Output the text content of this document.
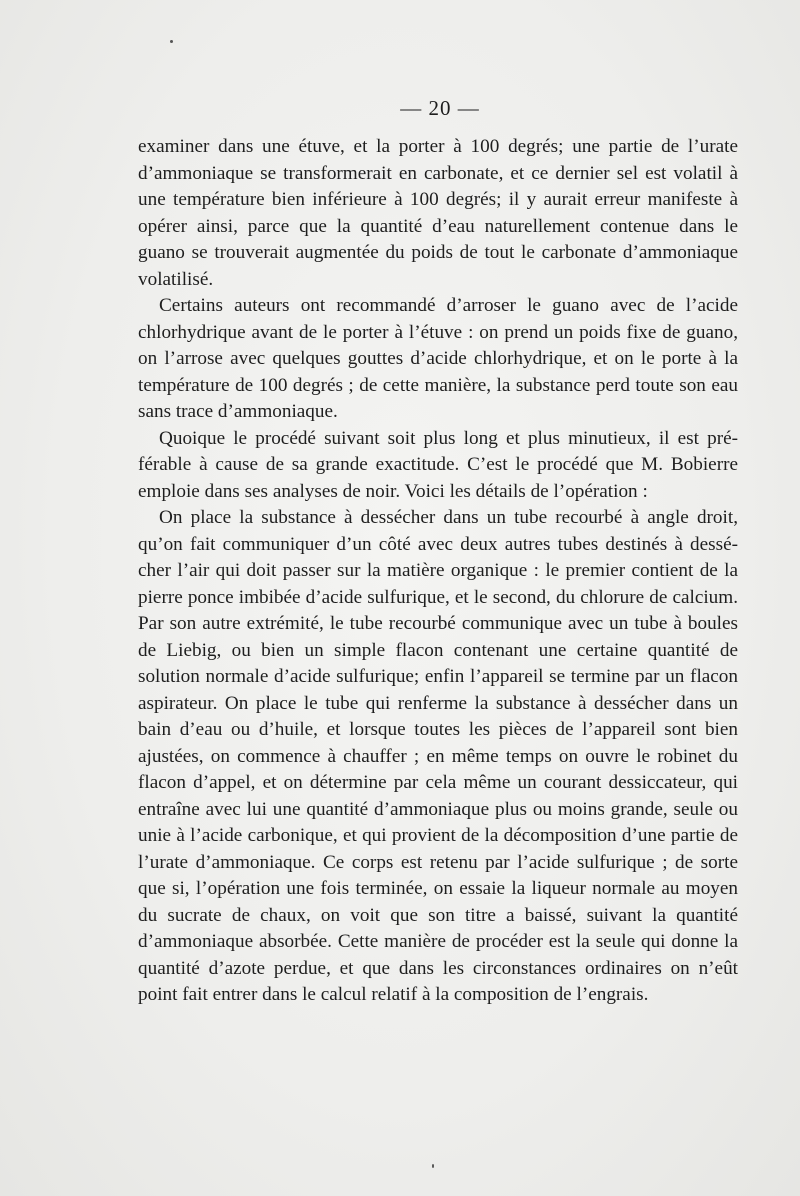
— 20 —

examiner dans une étuve, et la porter à 100 degrés; une partie de l’urate d’ammoniaque se transformerait en carbonate, et ce dernier sel est volatil à une température bien inférieure à 100 degrés; il y aurait erreur manifeste à opérer ainsi, parce que la quantité d’eau naturellement contenue dans le guano se trouverait augmentée du poids de tout le carbonate d’ammoniaque volatilisé.

Certains auteurs ont recommandé d’arroser le guano avec de l’acide chlorhydrique avant de le porter à l’étuve : on prend un poids fixe de guano, on l’arrose avec quelques gouttes d’acide chlorhydrique, et on le porte à la température de 100 degrés ; de cette manière, la substance perd toute son eau sans trace d’ammoniaque.

Quoique le procédé suivant soit plus long et plus minutieux, il est préférable à cause de sa grande exactitude. C’est le procédé que M. Bobierre emploie dans ses analyses de noir. Voici les détails de l’opération :

On place la substance à dessécher dans un tube recourbé à angle droit, qu’on fait communiquer d’un côté avec deux autres tubes destinés à dessécher l’air qui doit passer sur la matière organique : le premier contient de la pierre ponce imbibée d’acide sulfurique, et le second, du chlorure de calcium. Par son autre extrémité, le tube recourbé communique avec un tube à boules de Liebig, ou bien un simple flacon contenant une certaine quantité de solution normale d’acide sulfurique; enfin l’appareil se termine par un flacon aspirateur. On place le tube qui renferme la substance à dessécher dans un bain d’eau ou d’huile, et lorsque toutes les pièces de l’appareil sont bien ajustées, on commence à chauffer ; en même temps on ouvre le robinet du flacon d’appel, et on détermine par cela même un courant dessiccateur, qui entraîne avec lui une quantité d’ammoniaque plus ou moins grande, seule ou unie à l’acide carbonique, et qui provient de la décomposition d’une partie de l’urate d’ammoniaque. Ce corps est retenu par l’acide sulfurique ; de sorte que si, l’opération une fois terminée, on essaie la liqueur normale au moyen du sucrate de chaux, on voit que son titre a baissé, suivant la quantité d’ammoniaque absorbée. Cette manière de procéder est la seule qui donne la quantité d’azote perdue, et que dans les circonstances ordinaires on n’eût point fait entrer dans le calcul relatif à la composition de l’engrais.
